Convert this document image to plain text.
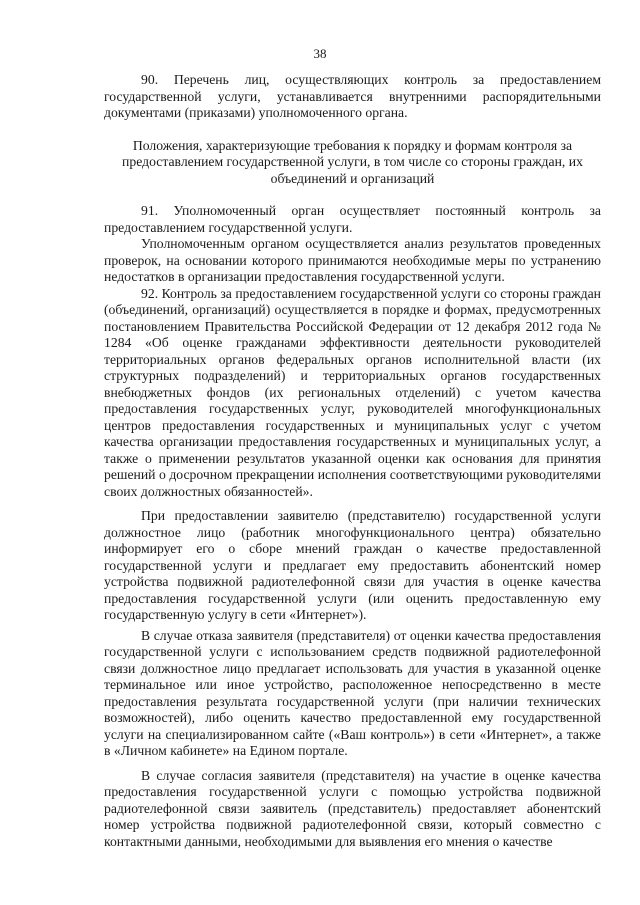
38

90. Перечень лиц, осуществляющих контроль за предоставлением государственной услуги, устанавливается внутренними распорядительными документами (приказами) уполномоченного органа.

Положения, характеризующие требования к порядку и формам контроля за предоставлением государственной услуги, в том числе со стороны граждан, их объединений и организаций

91. Уполномоченный орган осуществляет постоянный контроль за предоставлением государственной услуги.

Уполномоченным органом осуществляется анализ результатов проведенных проверок, на основании которого принимаются необходимые меры по устранению недостатков в организации предоставления государственной услуги.

92. Контроль за предоставлением государственной услуги со стороны граждан (объединений, организаций) осуществляется в порядке и формах, предусмотренных постановлением Правительства Российской Федерации от 12 декабря 2012 года № 1284 «Об оценке гражданами эффективности деятельности руководителей территориальных органов федеральных органов исполнительной власти (их структурных подразделений) и территориальных органов государственных внебюджетных фондов (их региональных отделений) с учетом качества предоставления государственных услуг, руководителей многофункциональных центров предоставления государственных и муниципальных услуг с учетом качества организации предоставления государственных и муниципальных услуг, а также о применении результатов указанной оценки как основания для принятия решений о досрочном прекращении исполнения соответствующими руководителями своих должностных обязанностей».

При предоставлении заявителю (представителю) государственной услуги должностное лицо (работник многофункционального центра) обязательно информирует его о сборе мнений граждан о качестве предоставленной государственной услуги и предлагает ему предоставить абонентский номер устройства подвижной радиотелефонной связи для участия в оценке качества предоставления государственной услуги (или оценить предоставленную ему государственную услугу в сети «Интернет»).

В случае отказа заявителя (представителя) от оценки качества предоставления государственной услуги с использованием средств подвижной радиотелефонной связи должностное лицо предлагает использовать для участия в указанной оценке терминальное или иное устройство, расположенное непосредственно в месте предоставления результата государственной услуги (при наличии технических возможностей), либо оценить качество предоставленной ему государственной услуги на специализированном сайте («Ваш контроль») в сети «Интернет», а также в «Личном кабинете» на Едином портале.

В случае согласия заявителя (представителя) на участие в оценке качества предоставления государственной услуги с помощью устройства подвижной радиотелефонной связи заявитель (представитель) предоставляет абонентский номер устройства подвижной радиотелефонной связи, который совместно с контактными данными, необходимыми для выявления его мнения о качестве
